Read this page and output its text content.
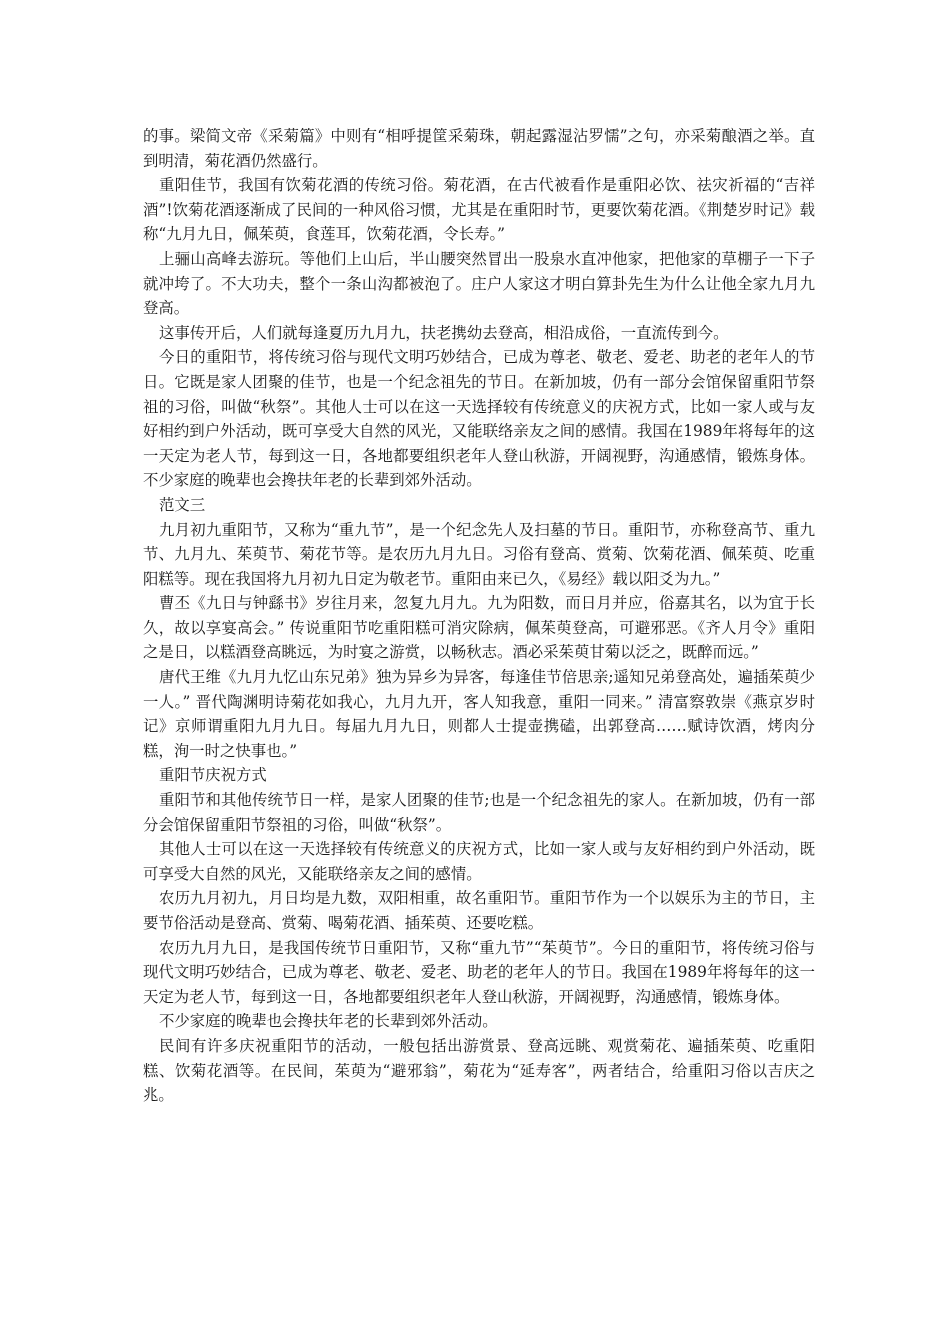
的事。梁简文帝《采菊篇》中则有“相呼提筐采菊珠，朝起露湿沾罗懦”之句，亦采菊酿酒之举。直到明清，菊花酒仍然盛行。

重阳佳节，我国有饮菊花酒的传统习俗。菊花酒，在古代被看作是重阳必饮、祛灾祈福的“吉祥酒”!饮菊花酒逐渐成了民间的一种风俗习惯，尤其是在重阳时节，更要饮菊花酒。《荆楚岁时记》载称“九月九日，佩茱萸，食莲耳，饮菊花酒，令长寿。”

上骊山高峰去游玩。等他们上山后，半山腰突然冒出一股泉水直冲他家，把他家的草棚子一下子就冲垮了。不大功夫，整个一条山沟都被泡了。庄户人家这才明白算卦先生为什么让他全家九月九登高。

这事传开后，人们就每逢夏历九月九，扶老携幼去登高，相沿成俗，一直流传到今。

今日的重阳节，将传统习俗与现代文明巧妙结合，已成为尊老、敬老、爱老、助老的老年人的节日。它既是家人团聚的佳节，也是一个纪念祖先的节日。在新加坡，仍有一部分会馆保留重阳节祭祖的习俗，叫做“秋祭”。其他人士可以在这一天选择较有传统意义的庆祝方式，比如一家人或与友好相约到户外活动，既可享受大自然的风光，又能联络亲友之间的感情。我国在1989年将每年的这一天定为老人节，每到这一日，各地都要组织老年人登山秋游，开阔视野，沟通感情，锻炼身体。不少家庭的晚辈也会搀扶年老的长辈到郊外活动。

范文三

九月初九重阳节，又称为“重九节”，是一个纪念先人及扫墓的节日。重阳节，亦称登高节、重九节、九月九、茱萸节、菊花节等。是农历九月九日。习俗有登高、赏菊、饮菊花酒、佩茱萸、吃重阳糕等。现在我国将九月初九日定为敬老节。重阳由来已久，《易经》载以阳爻为九。”

曹丕《九日与钟繇书》岁往月来，忽复九月九。九为阳数，而日月并应，俗嘉其名，以为宜于长久，故以享宴高会。” 传说重阳节吃重阳糕可消灾除病，佩茱萸登高，可避邪恶。《齐人月令》重阳之是日，以糕酒登高眺远，为时宴之游赏，以畅秋志。酒必采茱萸甘菊以泛之，既醉而远。”

唐代王维《九月九忆山东兄弟》独为异乡为异客，每逢佳节倍思亲;遥知兄弟登高处，遍插茱萸少一人。” 晋代陶渊明诗菊花如我心，九月九开，客人知我意，重阳一同来。” 清富察敦崇《燕京岁时记》京师谓重阳九月九日。每届九月九日，则都人士提壶携磕，出郭登高……赋诗饮酒，烤肉分糕，洵一时之快事也。”

重阳节庆祝方式

重阳节和其他传统节日一样，是家人团聚的佳节;也是一个纪念祖先的家人。在新加坡，仍有一部分会馆保留重阳节祭祖的习俗，叫做“秋祭”。

其他人士可以在这一天选择较有传统意义的庆祝方式，比如一家人或与友好相约到户外活动，既可享受大自然的风光，又能联络亲友之间的感情。

农历九月初九，月日均是九数，双阳相重，故名重阳节。重阳节作为一个以娱乐为主的节日，主要节俗活动是登高、赏菊、喝菊花酒、插茱萸、还要吃糕。

农历九月九日，是我国传统节日重阳节，又称“重九节”“茱萸节”。今日的重阳节，将传统习俗与现代文明巧妙结合，已成为尊老、敬老、爱老、助老的老年人的节日。我国在1989年将每年的这一天定为老人节，每到这一日，各地都要组织老年人登山秋游，开阔视野，沟通感情，锻炼身体。

不少家庭的晚辈也会搀扶年老的长辈到郊外活动。

民间有许多庆祝重阳节的活动，一般包括出游赏景、登高远眺、观赏菊花、遍插茱萸、吃重阳糕、饮菊花酒等。在民间，茱萸为“避邪翁”，菊花为“延寿客”，两者结合，给重阳习俗以吉庆之兆。
